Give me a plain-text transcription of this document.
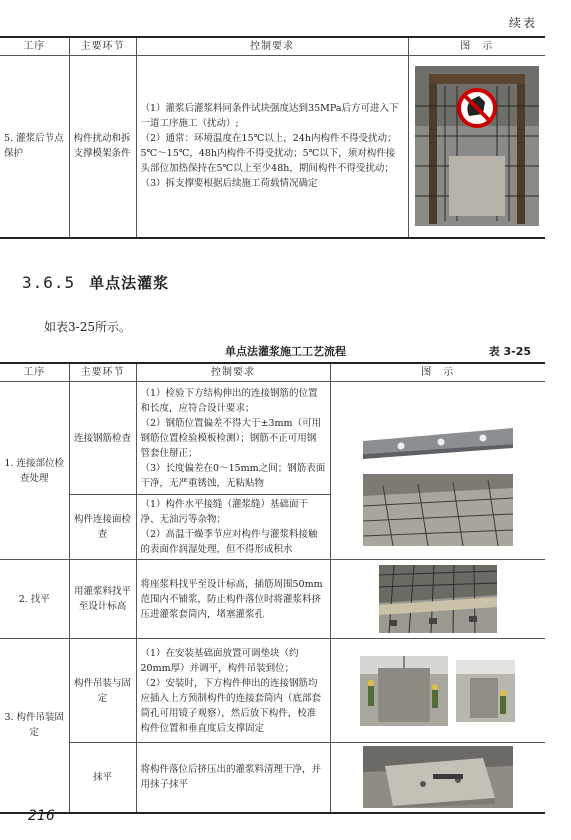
续表
工序	主要环节	控制要求	图　示
5. 灌浆后节点保护	构件扰动和拆支撑模架条件	（1）灌浆后灌浆料同条件试块强度达到35MPa后方可进入下一道工序施工（扰动）;

（2）通常：环境温度在15℃以上，24h内构件不得受扰动；5℃～15℃，48h内构件不得受扰动；5℃以下，须对构件接头部位加热保持在5℃以上至少48h，期间构件不得受扰动；

（3）拆支撑要根据后续施工荷载情况确定

3.6.5 单点法灌浆
如表3-25所示。
单点法灌浆施工工艺流程	表 3-25
工序	主要环节	控制要求	图　示
1. 连接部位检查处理	连接钢筋检查	（1）检验下方结构伸出的连接钢筋的位置和长度，应符合设计要求；

（2）钢筋位置偏差不得大于±3mm（可用钢筋位置检验模板检测）；钢筋不正可用钢管套住掰正；

（3）长度偏差在0～15mm之间；钢筋表面干净，无严重锈蚀，无粘贴物

	构件连接面检查	（1）构件水平接缝（灌浆缝）基础面干净、无油污等杂物；

（2）高温干燥季节应对构件与灌浆料接触的表面作润湿处理，但不得形成积水	

2. 找平	用灌浆料找平至设计标高	将座浆料找平至设计标高，插筋周围50mm范围内不铺浆，防止构件落位时将灌浆料挤压进灌浆套筒内，堵塞灌浆孔

3. 构件吊装固定	构件吊装与固定	（1）在安装基础面放置可调垫块（约20mm厚）并调平，构件吊装到位；

（2）安装时，下方构件伸出的连接钢筋均应插入上方预制构件的连接套筒内（底部套筒孔可用镜子观察），然后放下构件，校准构件位置和垂直度后支撑固定

	抹平	将构件落位后挤压出的灌浆料清理干净，并用抹子抹平

216
